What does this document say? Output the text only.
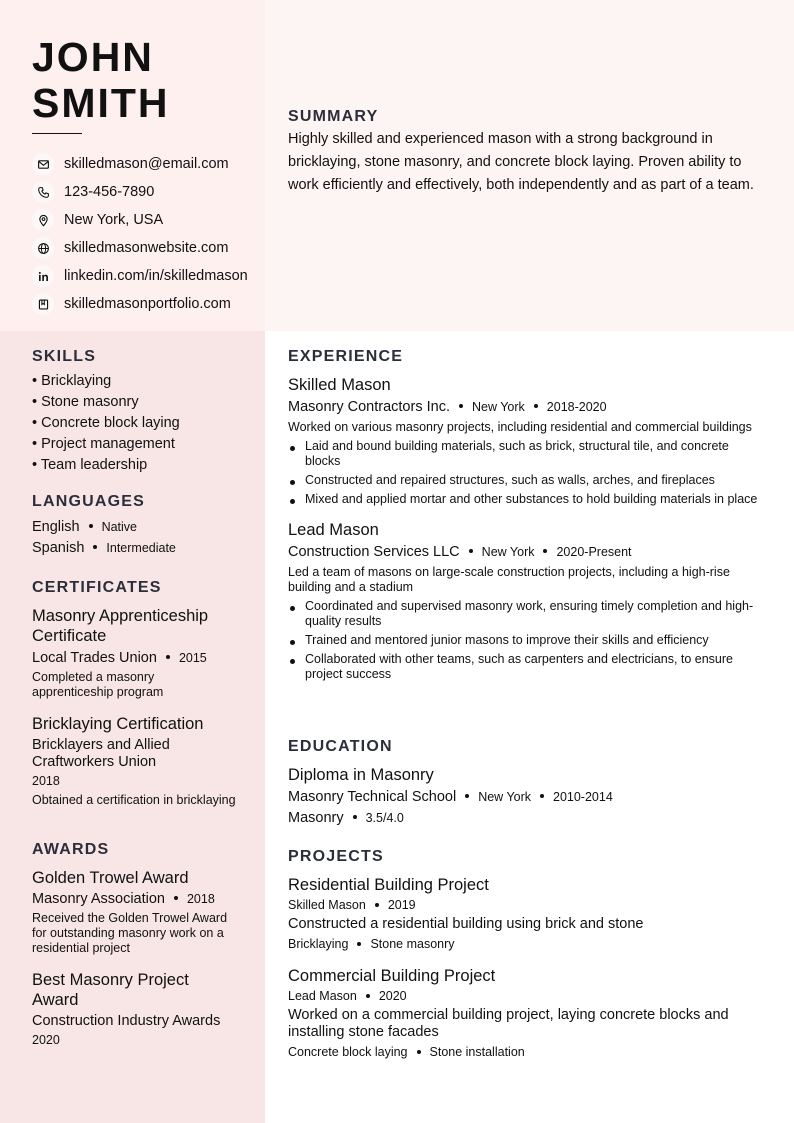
JOHN
SMITH
skilledmason@email.com
123-456-7890
New York, USA
skilledmasonwebsite.com
linkedin.com/in/skilledmason
skilledmasonportfolio.com
SUMMARY

Highly skilled and experienced mason with a strong background in bricklaying, stone masonry, and concrete block laying. Proven ability to work efficiently and effectively, both independently and as part of a team.

SKILLS
• Bricklaying
• Stone masonry
• Concrete block laying
• Project management
• Team leadership
LANGUAGES
English Native
Spanish Intermediate
CERTIFICATES
Masonry Apprenticeship Certificate
Local Trades Union 2015
Completed a masonry apprenticeship program
Bricklaying Certification
Bricklayers and Allied Craftworkers Union
2018
Obtained a certification in bricklaying
AWARDS
Golden Trowel Award
Masonry Association 2018
Received the Golden Trowel Award for outstanding masonry work on a residential project
Best Masonry Project Award
Construction Industry Awards
2020
EXPERIENCE
Skilled Mason
Masonry Contractors Inc. New York 2018-2020
Worked on various masonry projects, including residential and commercial buildings
Laid and bound building materials, such as brick, structural tile, and concrete blocks
Constructed and repaired structures, such as walls, arches, and fireplaces
Mixed and applied mortar and other substances to hold building materials in place
Lead Mason
Construction Services LLC New York 2020-Present
Led a team of masons on large-scale construction projects, including a high-rise building and a stadium
Coordinated and supervised masonry work, ensuring timely completion and high-quality results
Trained and mentored junior masons to improve their skills and efficiency
Collaborated with other teams, such as carpenters and electricians, to ensure project success
EDUCATION
Diploma in Masonry
Masonry Technical School New York 2010-2014
Masonry 3.5/4.0
PROJECTS
Residential Building Project
Skilled Mason 2019
Constructed a residential building using brick and stone
Bricklaying Stone masonry
Commercial Building Project
Lead Mason 2020
Worked on a commercial building project, laying concrete blocks and installing stone facades
Concrete block laying Stone installation
